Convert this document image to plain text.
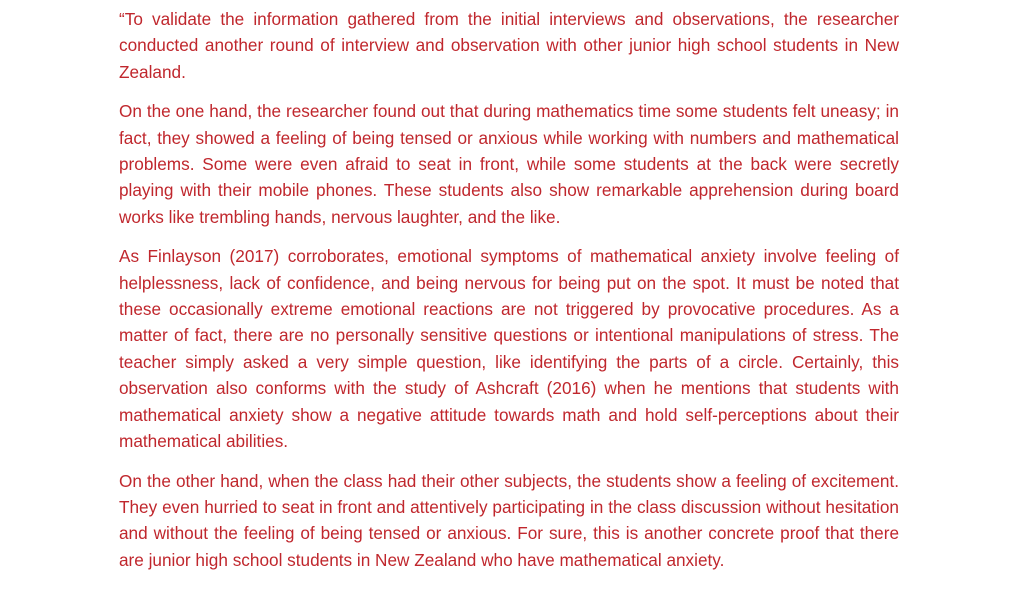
“To validate the information gathered from the initial interviews and observations, the researcher conducted another round of interview and observation with other junior high school students in New Zealand.

On the one hand, the researcher found out that during mathematics time some students felt uneasy; in fact, they showed a feeling of being tensed or anxious while working with numbers and mathematical problems. Some were even afraid to seat in front, while some students at the back were secretly playing with their mobile phones. These students also show remarkable apprehension during board works like trembling hands, nervous laughter, and the like.

As Finlayson (2017) corroborates, emotional symptoms of mathematical anxiety involve feeling of helplessness, lack of confidence, and being nervous for being put on the spot. It must be noted that these occasionally extreme emotional reactions are not triggered by provocative procedures. As a matter of fact, there are no personally sensitive questions or intentional manipulations of stress. The teacher simply asked a very simple question, like identifying the parts of a circle. Certainly, this observation also conforms with the study of Ashcraft (2016) when he mentions that students with mathematical anxiety show a negative attitude towards math and hold self-perceptions about their mathematical abilities.

On the other hand, when the class had their other subjects, the students show a feeling of excitement. They even hurried to seat in front and attentively participating in the class discussion without hesitation and without the feeling of being tensed or anxious. For sure, this is another concrete proof that there are junior high school students in New Zealand who have mathematical anxiety.
